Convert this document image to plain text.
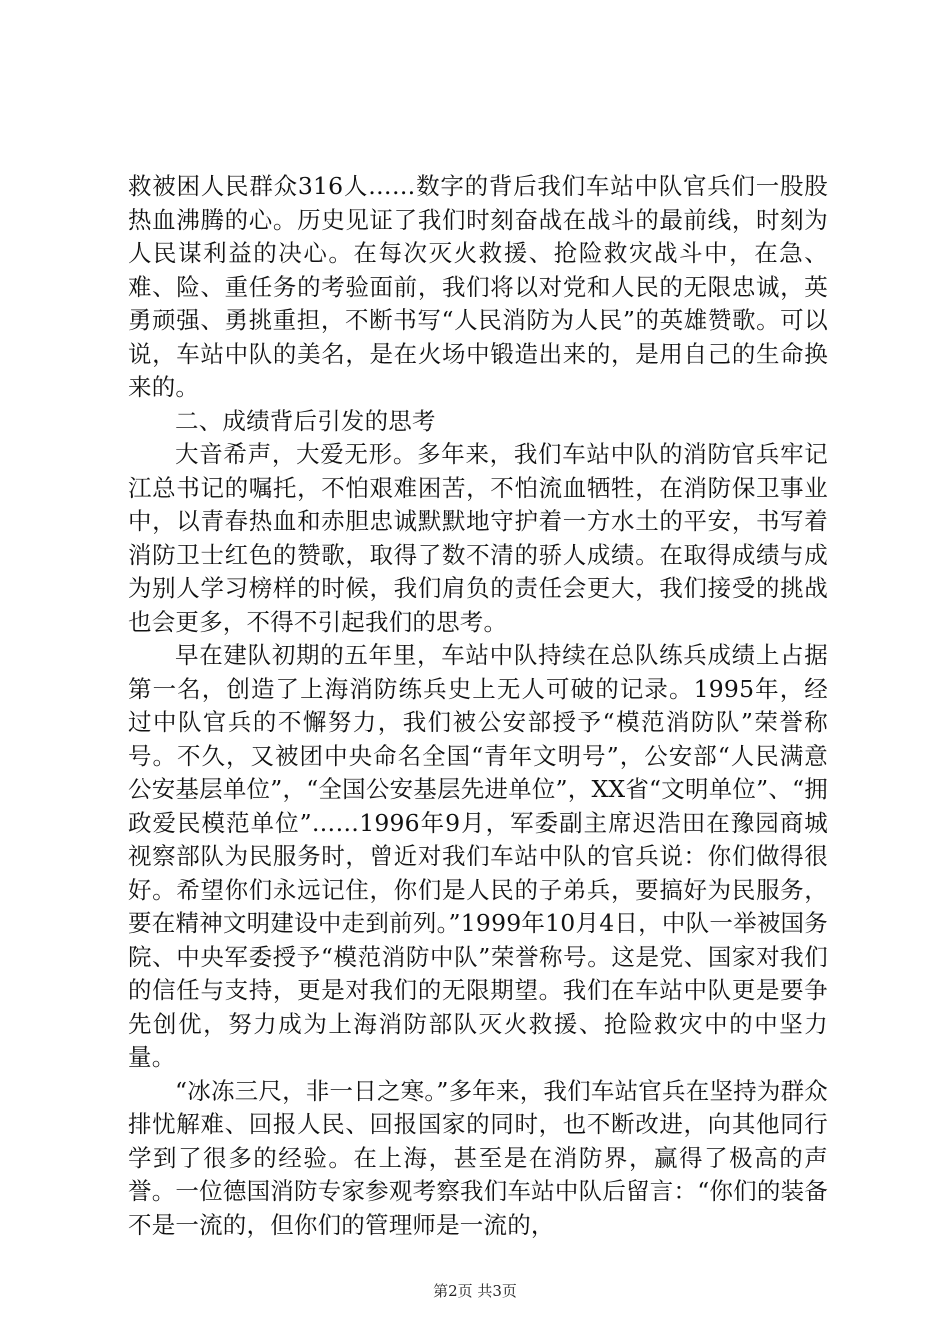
救被困人民群众316人……数字的背后我们车站中队官兵们一股股热血沸腾的心。历史见证了我们时刻奋战在战斗的最前线，时刻为人民谋利益的决心。在每次灭火救援、抢险救灾战斗中，在急、难、险、重任务的考验面前，我们将以对党和人民的无限忠诚，英勇顽强、勇挑重担，不断书写“人民消防为人民”的英雄赞歌。可以说，车站中队的美名，是在火场中锻造出来的，是用自己的生命换来的。

二、成绩背后引发的思考

大音希声，大爱无形。多年来，我们车站中队的消防官兵牢记江总书记的嘱托，不怕艰难困苦，不怕流血牺牲，在消防保卫事业中，以青春热血和赤胆忠诚默默地守护着一方水土的平安，书写着消防卫士红色的赞歌，取得了数不清的骄人成绩。在取得成绩与成为别人学习榜样的时候，我们肩负的责任会更大，我们接受的挑战也会更多，不得不引起我们的思考。

早在建队初期的五年里，车站中队持续在总队练兵成绩上占据第一名，创造了上海消防练兵史上无人可破的记录。1995年，经过中队官兵的不懈努力，我们被公安部授予“模范消防队”荣誉称号。不久，又被团中央命名全国“青年文明号”，公安部“人民满意公安基层单位”，“全国公安基层先进单位”，XX省“文明单位”、“拥政爱民模范单位”……1996年9月，军委副主席迟浩田在豫园商城视察部队为民服务时，曾近对我们车站中队的官兵说：你们做得很好。希望你们永远记住，你们是人民的子弟兵，要搞好为民服务，要在精神文明建设中走到前列。”1999年10月4日，中队一举被国务院、中央军委授予“模范消防中队”荣誉称号。这是党、国家对我们的信任与支持，更是对我们的无限期望。我们在车站中队更是要争先创优，努力成为上海消防部队灭火救援、抢险救灾中的中坚力量。

“冰冻三尺，非一日之寒。”多年来，我们车站官兵在坚持为群众排忧解难、回报人民、回报国家的同时，也不断改进，向其他同行学到了很多的经验。在上海，甚至是在消防界，赢得了极高的声誉。一位德国消防专家参观考察我们车站中队后留言：“你们的装备不是一流的，但你们的管理师是一流的，

第2页 共3页
